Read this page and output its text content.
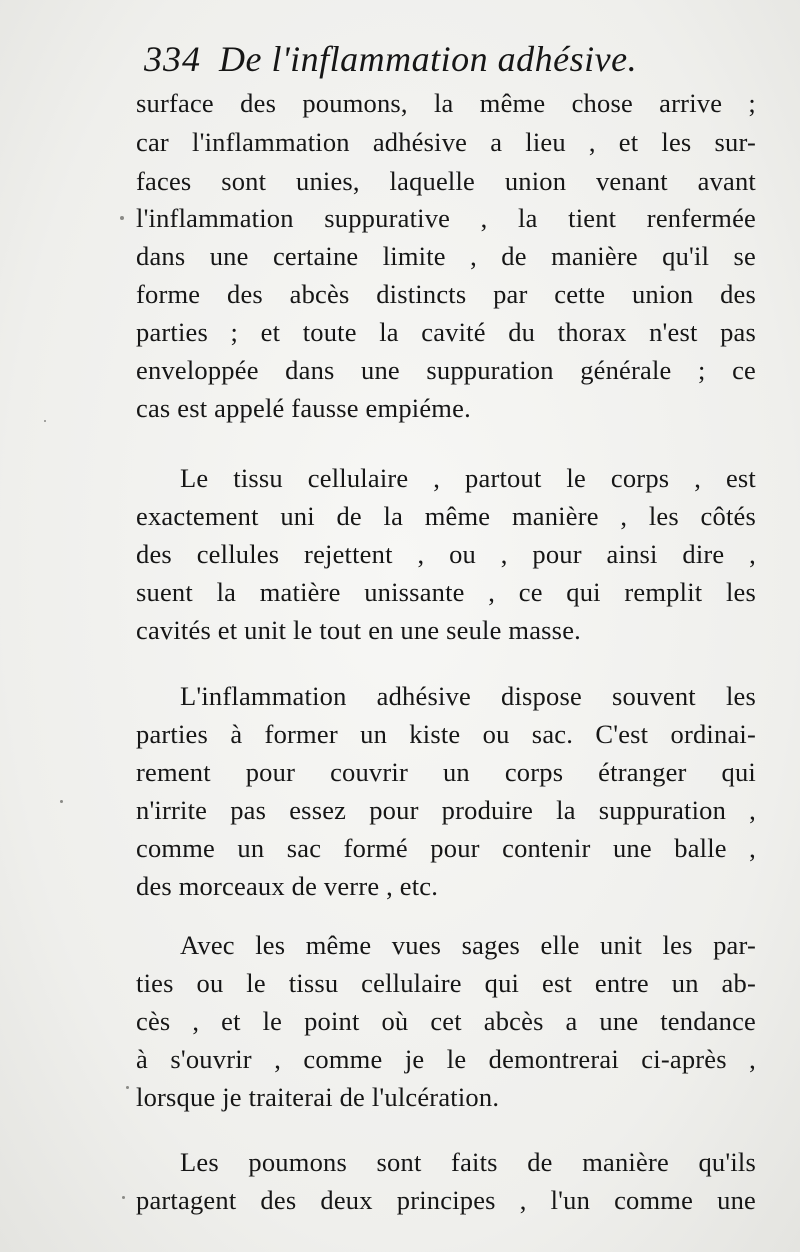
334 De l'inflammation adhésive.
surface des poumons, la même chose arrive ;
car l'inflammation adhésive a lieu , et les sur-
faces sont unies, laquelle union venant avant
l'inflammation suppurative , la tient renfermée
dans une certaine limite , de manière qu'il se
forme des abcès distincts par cette union des
parties ; et toute la cavité du thorax n'est pas
enveloppée dans une suppuration générale ; ce
cas est appelé fausse empiéme.
Le tissu cellulaire , partout le corps , est
exactement uni de la même manière , les côtés
des cellules rejettent , ou , pour ainsi dire ,
suent la matière unissante , ce qui remplit les
cavités et unit le tout en une seule masse.
L'inflammation adhésive dispose souvent les
parties à former un kiste ou sac. C'est ordinai-
rement pour couvrir un corps étranger qui
n'irrite pas essez pour produire la suppuration ,
comme un sac formé pour contenir une balle ,
des morceaux de verre , etc.
Avec les même vues sages elle unit les par-
ties ou le tissu cellulaire qui est entre un ab-
cès , et le point où cet abcès a une tendance
à s'ouvrir , comme je le demontrerai ci-après ,
lorsque je traiterai de l'ulcération.
Les poumons sont faits de manière qu'ils
partagent des deux principes , l'un comme une
